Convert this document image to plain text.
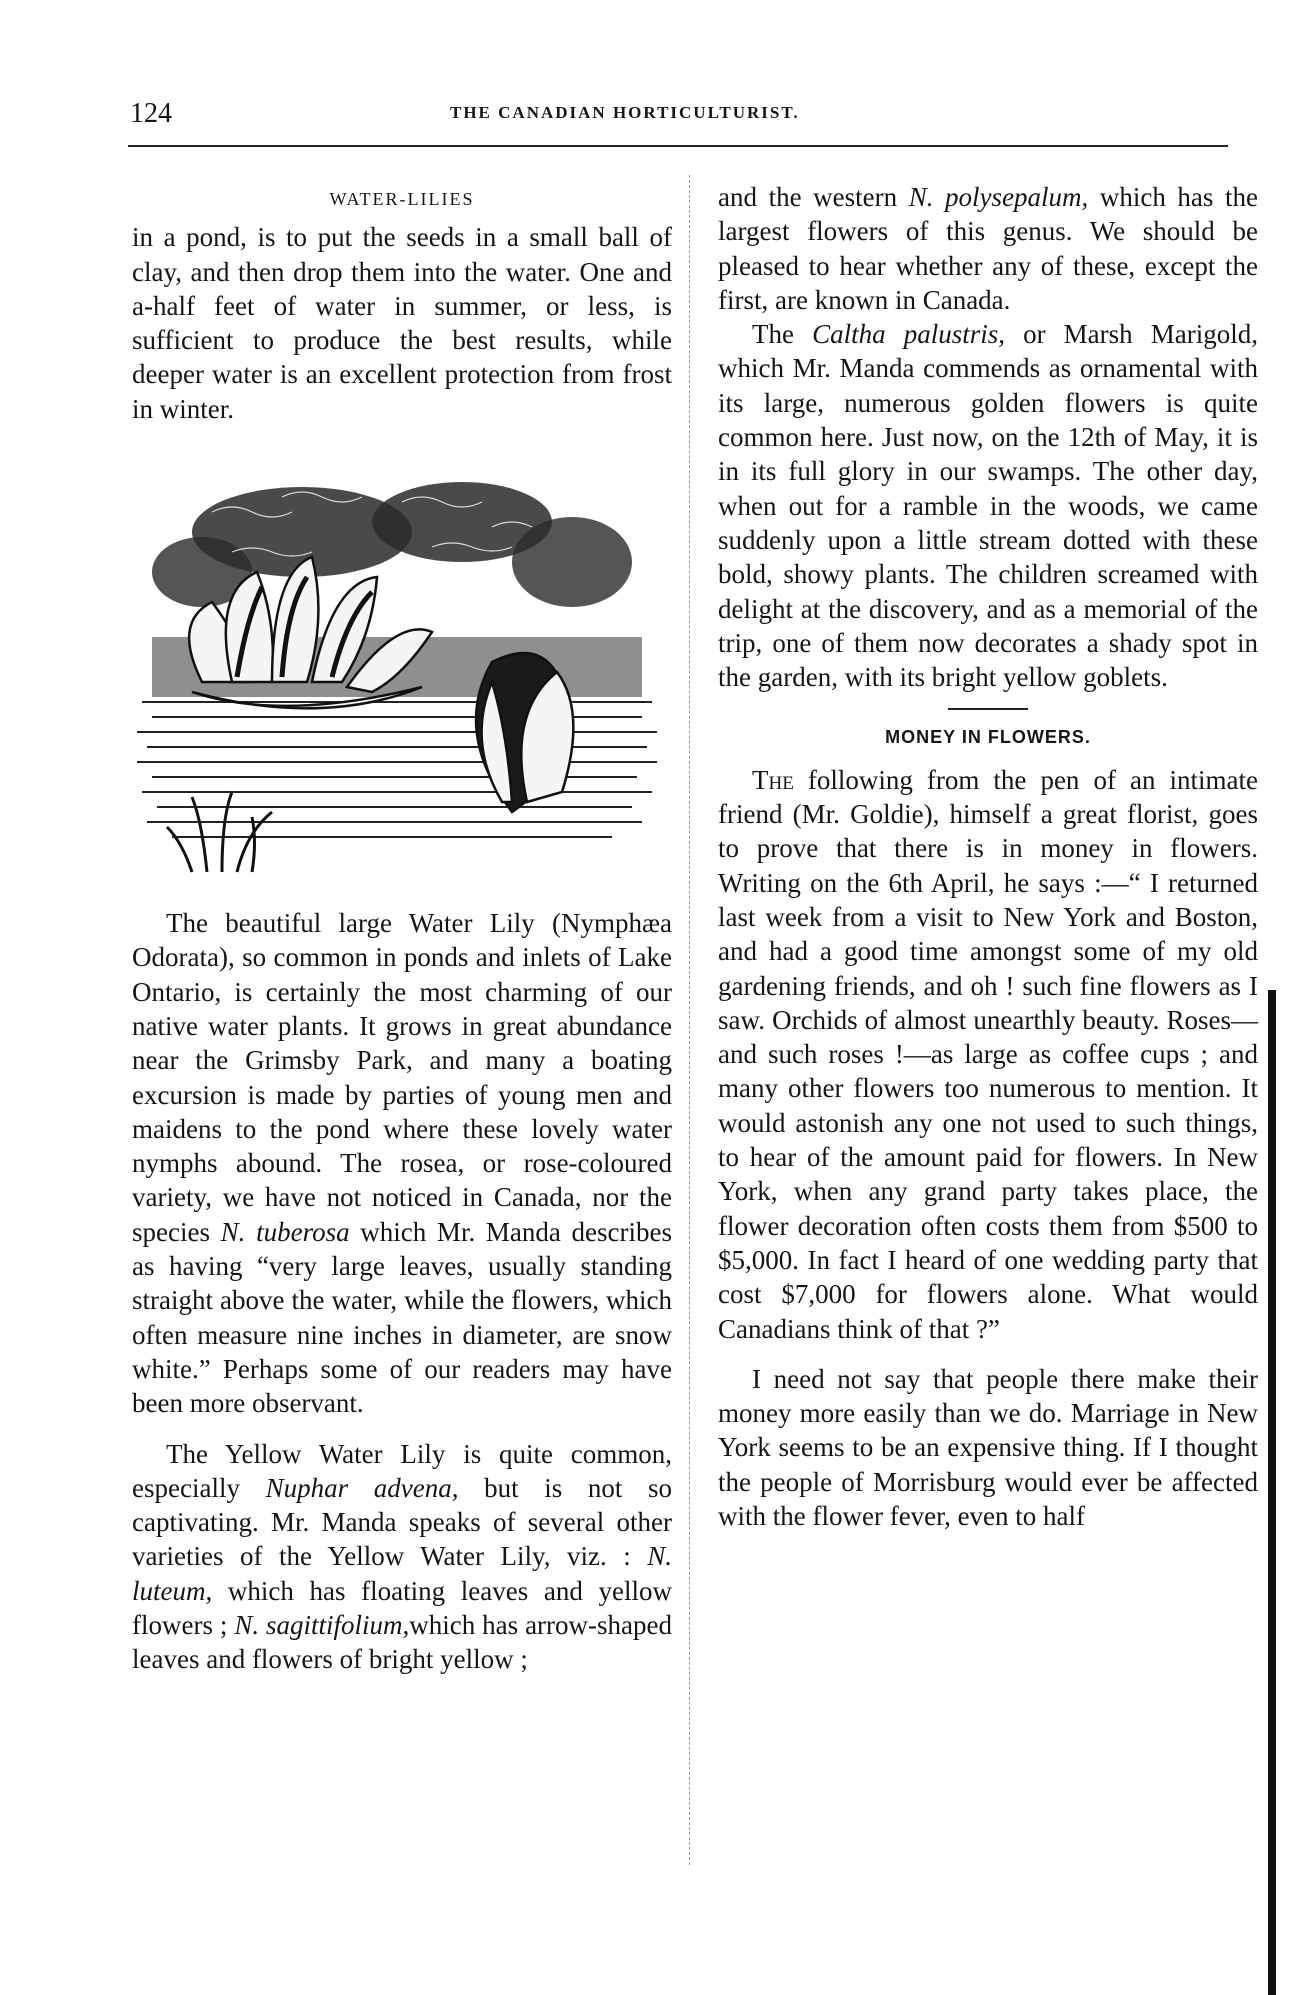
124	THE CANADIAN HORTICULTURIST.
WATER-LILIES

in a pond, is to put the seeds in a small ball of clay, and then drop them into the water. One and a-half feet of water in summer, or less, is sufficient to produce the best results, while deeper water is an excellent protection from frost in winter.

The beautiful large Water Lily (Nymphæa Odorata), so common in ponds and inlets of Lake Ontario, is certainly the most charming of our native water plants. It grows in great abundance near the Grimsby Park, and many a boating excursion is made by parties of young men and maidens to the pond where these lovely water nymphs abound. The rosea, or rose-coloured variety, we have not noticed in Canada, nor the species N. tuberosa which Mr. Manda describes as having “very large leaves, usually standing straight above the water, while the flowers, which often measure nine inches in diameter, are snow white.” Perhaps some of our readers may have been more observant.

The Yellow Water Lily is quite common, especially Nuphar advena, but is not so captivating. Mr. Manda speaks of several other varieties of the Yellow Water Lily, viz. : N. luteum, which has floating leaves and yellow flowers ; N. sagittifolium,which has arrow-shaped leaves and flowers of bright yellow ;

and the western N. polysepalum, which has the largest flowers of this genus. We should be pleased to hear whether any of these, except the first, are known in Canada.

The Caltha palustris, or Marsh Marigold, which Mr. Manda commends as ornamental with its large, numerous golden flowers is quite common here. Just now, on the 12th of May, it is in its full glory in our swamps. The other day, when out for a ramble in the woods, we came suddenly upon a little stream dotted with these bold, showy plants. The children screamed with delight at the discovery, and as a memorial of the trip, one of them now decorates a shady spot in the garden, with its bright yellow goblets.

MONEY IN FLOWERS.

The following from the pen of an intimate friend (Mr. Goldie), himself a great florist, goes to prove that there is in money in flowers. Writing on the 6th April, he says :—“ I returned last week from a visit to New York and Boston, and had a good time amongst some of my old gardening friends, and oh ! such fine flowers as I saw. Orchids of almost unearthly beauty. Roses—and such roses !—as large as coffee cups ; and many other flowers too numerous to mention. It would astonish any one not used to such things, to hear of the amount paid for flowers. In New York, when any grand party takes place, the flower decoration often costs them from $500 to $5,000. In fact I heard of one wedding party that cost $7,000 for flowers alone. What would Canadians think of that ?”

I need not say that people there make their money more easily than we do. Marriage in New York seems to be an expensive thing. If I thought the people of Morrisburg would ever be affected with the flower fever, even to half
